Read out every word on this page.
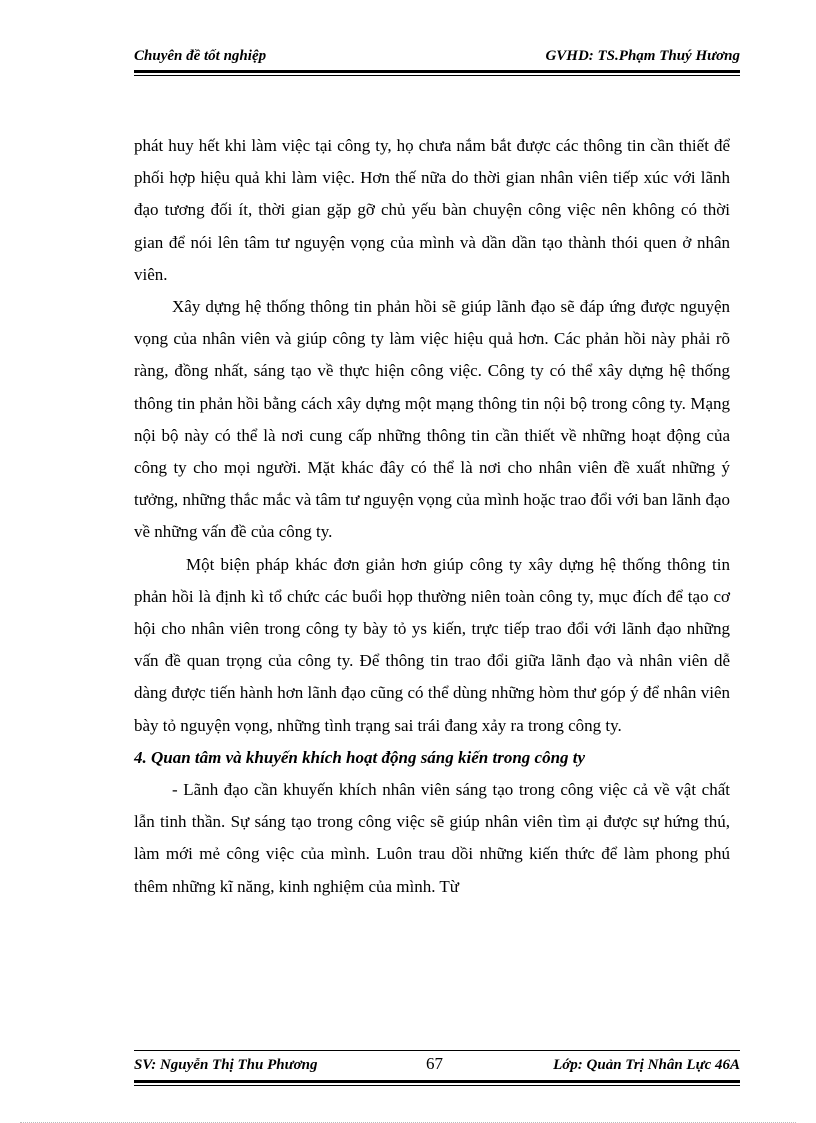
Chuyên đề tốt nghiệp	GVHD: TS.Phạm Thuý Hương

phát huy hết khi làm việc tại công ty, họ chưa nắm bắt được các thông tin cần thiết để phối hợp hiệu quả khi làm việc. Hơn thế nữa do thời gian nhân viên tiếp xúc với lãnh đạo tương đối ít, thời gian gặp gỡ chủ yếu bàn chuyện công việc nên không có thời gian để nói lên tâm tư nguyện vọng của mình và dần dần tạo thành thói quen ở nhân viên.

Xây dựng hệ thống thông tin phản hồi sẽ giúp lãnh đạo sẽ đáp ứng được nguyện vọng của nhân viên và giúp công ty làm việc hiệu quả hơn. Các phản hồi này phải rõ ràng, đồng nhất, sáng tạo về thực hiện công việc. Công ty có thể xây dựng hệ thống thông tin phản hồi bằng cách xây dựng một mạng thông tin nội bộ trong công ty. Mạng nội bộ này có thể là nơi cung cấp những thông tin cần thiết về những hoạt động của công ty cho mọi người. Mặt khác đây có thể là nơi cho nhân viên đề xuất những ý tưởng, những thắc mắc và tâm tư nguyện vọng của mình hoặc trao đổi với ban lãnh đạo về những vấn đề của công ty.

Một biện pháp khác đơn giản hơn giúp công ty xây dựng hệ thống thông tin phản hồi là định kì tổ chức các buổi họp thường niên toàn công ty, mục đích để tạo cơ hội cho nhân viên trong công ty bày tỏ ys kiến, trực tiếp trao đổi với lãnh đạo những vấn đề quan trọng của công ty. Để thông tin trao đổi giữa lãnh đạo và nhân viên dễ dàng được tiến hành hơn lãnh đạo cũng có thể dùng những hòm thư góp ý để nhân viên bày tỏ nguyện vọng, những tình trạng sai trái đang xảy ra trong công ty.

4. Quan tâm và khuyến khích hoạt động sáng kiến trong công ty

- Lãnh đạo cần khuyến khích nhân viên sáng tạo trong công việc cả về vật chất lẫn tinh thần. Sự sáng tạo trong công việc sẽ giúp nhân viên tìm ại được sự hứng thú, làm mới mẻ công việc của mình. Luôn trau dồi những kiến thức để làm phong phú thêm những kĩ năng, kinh nghiệm của mình. Từ

SV: Nguyễn Thị Thu Phương	67	Lớp: Quản Trị Nhân Lực 46A
